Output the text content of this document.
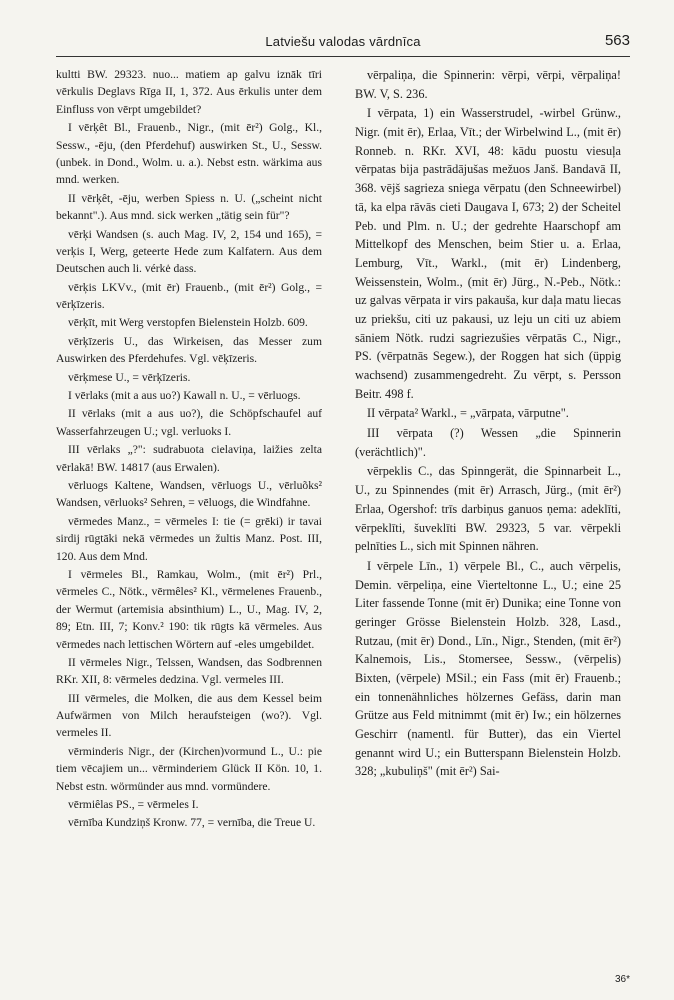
Latviešu valodas vārdnīca	563

kultti BW. 29323. nuo... matiem ap galvu iznāk tīri vērkulis Deglavs Rīga II, 1, 372. Aus ērkulis unter dem Einfluss von vērpt umgebildet?

I vērķêt Bl., Frauenb., Nigr., (mit ēr²) Golg., Kl., Sessw., -ēju, (den Pferdehuf) auswirken St., U., Sessw. (unbek. in Dond., Wolm. u. a.). Nebst estn. wärkima aus mnd. werken.

II vērķêt, -ēju, werben Spiess n. U. („scheint nicht bekannt".). Aus mnd. sick werken „tätig sein für"?

vērķi Wandsen (s. auch Mag. IV, 2, 154 und 165), = verķis I, Werg, geteerte Hede zum Kalfatern. Aus dem Deutschen auch li. vérkė dass.

vērķis LKVv., (mit ēr) Frauenb., (mit ēr²) Golg., = vērķīzeris.

vērķīt, mit Werg verstopfen Bielenstein Holzb. 609.

vērķīzeris U., das Wirkeisen, das Messer zum Auswirken des Pferdehufes. Vgl. vēķīzeris.

vērķmese U., = vērķīzeris.

I vērlaks (mit a aus uo?) Kawall n. U., = vērluogs.

II vērlaks (mit a aus uo?), die Schöpfschaufel auf Wasserfahrzeugen U.; vgl. verluoks I.

III vērlaks „?": sudrabuota cielaviņa, laižies zelta vērlakā! BW. 14817 (aus Erwalen).

vērluogs Kaltene, Wandsen, vērluogs U., vērluõks² Wandsen, vērluoks² Sehren, = vēluogs, die Windfahne.

vērmedes Manz., = vērmeles I: tie (= grēki) ir tavai sirdij rūgtāki nekā vērmedes un žultis Manz. Post. III, 120. Aus dem Mnd.

I vērmeles Bl., Ramkau, Wolm., (mit ēr²) Prl., vērmeles C., Nötk., vērmêles² Kl., vērmelenes Frauenb., der Wermut (artemisia absinthium) L., U., Mag. IV, 2, 89; Etn. III, 7; Konv.² 190: tik rūgts kā vērmeles. Aus vērmedes nach lettischen Wörtern auf -eles umgebildet.

II vērmeles Nigr., Telssen, Wandsen, das Sodbrennen RKr. XII, 8: vērmeles dedzina. Vgl. vermeles III.

III vērmeles, die Molken, die aus dem Kessel beim Aufwärmen von Milch heraufsteigen (wo?). Vgl. vermeles II.

vērminderis Nigr., der (Kirchen)vormund L., U.: pie tiem vēcajiem un... vērminderiem Glück II Kön. 10, 1. Nebst estn. wörmünder aus mnd. vormündere.

vērmiêlas PS., = vērmeles I.

vērnība Kundziņš Kronw. 77, = vernība, die Treue U.

vērpaliņa, die Spinnerin: vērpi, vērpi, vērpaliņa! BW. V, S. 236.

I vērpata, 1) ein Wasserstrudel, -wirbel Grünw., Nigr. (mit ēr), Erlaa, Vīt.; der Wirbelwind L., (mit ēr) Ronneb. n. RKr. XVI, 48: kādu puostu viesuļa vērpatas bija pastrādājušas mežuos Janš. Bandavā II, 368. vējš sagrieza sniega vērpatu (den Schneewirbel) tā, ka elpa rāvās cieti Daugava I, 673; 2) der Scheitel Peb. und Plm. n. U.; der gedrehte Haarschopf am Mittelkopf des Menschen, beim Stier u. a. Erlaa, Lemburg, Vīt., Warkl., (mit ēr) Lindenberg, Weissenstein, Wolm., (mit ēr) Jürg., N.-Peb., Nötk.: uz galvas vērpata ir virs pakauša, kur daļa matu liecas uz priekšu, citi uz pakausi, uz leju un citi uz abiem sāniem Nötk. rudzi sagriezušies vērpatās C., Nigr., PS. (vērpatnās Segew.), der Roggen hat sich (üppig wachsend) zusammengedreht. Zu vērpt, s. Persson Beitr. 498 f.

II vērpata² Warkl., = „vārpata, vārputne".

III vērpata (?) Wessen „die Spinnerin (verächtlich)".

vērpeklis C., das Spinngerät, die Spinnarbeit L., U., zu Spinnendes (mit ēr) Arrasch, Jürg., (mit ēr²) Erlaa, Ogershof: trīs darbiņus ganuos ņema: adeklīti, vērpeklīti, šuveklīti BW. 29323, 5 var. vērpekli pelnīties L., sich mit Spinnen nähren.

I vērpele Līn., 1) vērpele Bl., C., auch vērpelis, Demin. vērpeliņa, eine Vierteltonne L., U.; eine 25 Liter fassende Tonne (mit ēr) Dunika; eine Tonne von geringer Grösse Bielenstein Holzb. 328, Lasd., Rutzau, (mit ēr) Dond., Līn., Nigr., Stenden, (mit ēr²) Kalnemois, Lis., Stomersee, Sessw., (vērpelis) Bixten, (vērpele) MSil.; ein Fass (mit ēr) Frauenb.; ein tonnenähnliches hölzernes Gefäss, darin man Grütze aus Feld mitnimmt (mit ēr) Iw.; ein hölzernes Geschirr (namentl. für Butter), das ein Viertel genannt wird U.; ein Butterspann Bielenstein Holzb. 328; „kubuliņš" (mit ēr²) Sai-

36*
